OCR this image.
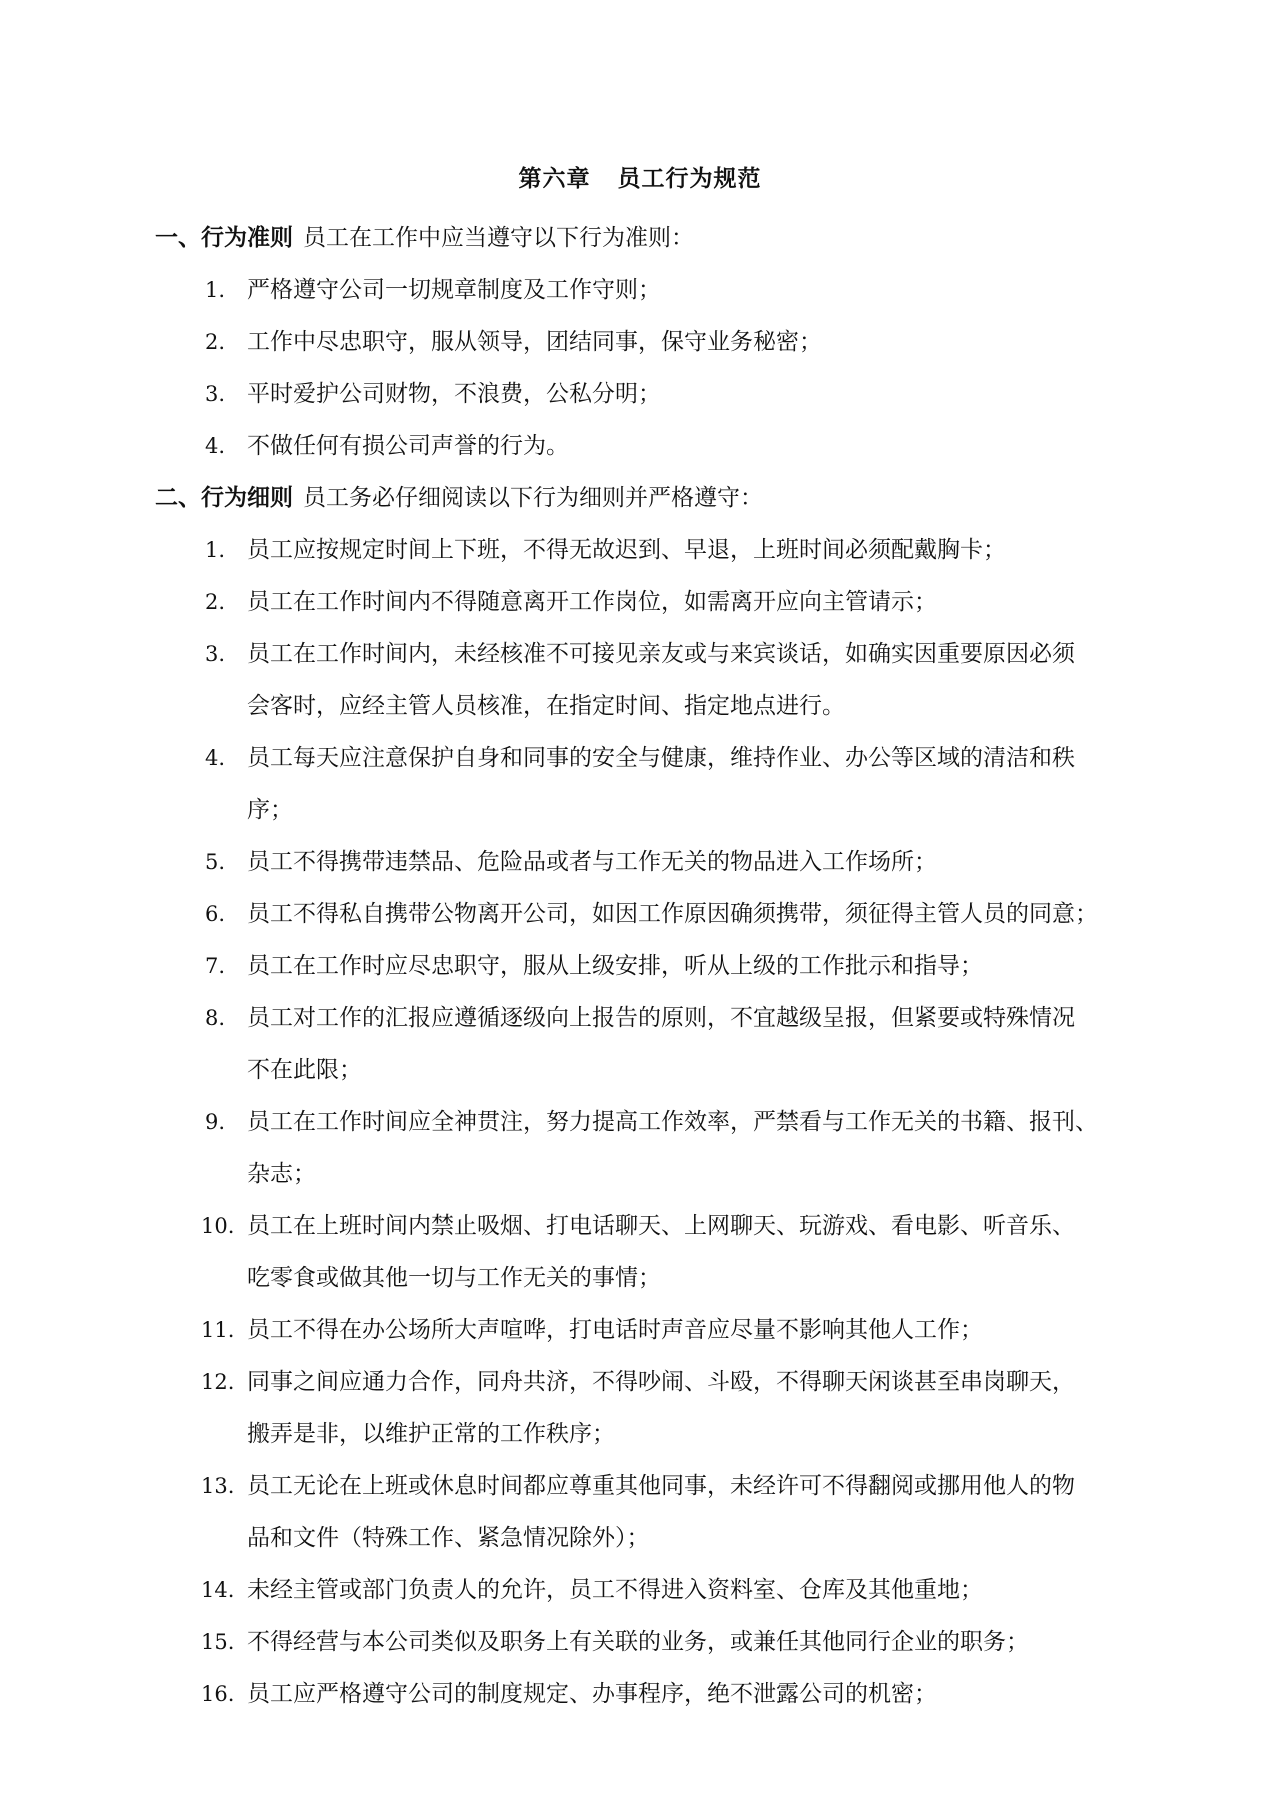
第六章 员工行为规范
一、行为准则 员工在工作中应当遵守以下行为准则：
1. 严格遵守公司一切规章制度及工作守则；
2. 工作中尽忠职守，服从领导，团结同事，保守业务秘密；
3. 平时爱护公司财物，不浪费，公私分明；
4. 不做任何有损公司声誉的行为。
二、行为细则 员工务必仔细阅读以下行为细则并严格遵守：
1. 员工应按规定时间上下班，不得无故迟到、早退，上班时间必须配戴胸卡；
2. 员工在工作时间内不得随意离开工作岗位，如需离开应向主管请示；
3. 员工在工作时间内，未经核准不可接见亲友或与来宾谈话，如确实因重要原因必须
会客时，应经主管人员核准，在指定时间、指定地点进行。
4. 员工每天应注意保护自身和同事的安全与健康，维持作业、办公等区域的清洁和秩
序；
5. 员工不得携带违禁品、危险品或者与工作无关的物品进入工作场所；
6. 员工不得私自携带公物离开公司，如因工作原因确须携带，须征得主管人员的同意；
7. 员工在工作时应尽忠职守，服从上级安排，听从上级的工作批示和指导；
8. 员工对工作的汇报应遵循逐级向上报告的原则，不宜越级呈报，但紧要或特殊情况
不在此限；
9. 员工在工作时间应全神贯注，努力提高工作效率，严禁看与工作无关的书籍、报刊、
杂志；
10. 员工在上班时间内禁止吸烟、打电话聊天、上网聊天、玩游戏、看电影、听音乐、
吃零食或做其他一切与工作无关的事情；
11. 员工不得在办公场所大声喧哗，打电话时声音应尽量不影响其他人工作；
12. 同事之间应通力合作，同舟共济，不得吵闹、斗殴，不得聊天闲谈甚至串岗聊天，
搬弄是非，以维护正常的工作秩序；
13. 员工无论在上班或休息时间都应尊重其他同事，未经许可不得翻阅或挪用他人的物
品和文件（特殊工作、紧急情况除外）；
14. 未经主管或部门负责人的允许，员工不得进入资料室、仓库及其他重地；
15. 不得经营与本公司类似及职务上有关联的业务，或兼任其他同行企业的职务；
16. 员工应严格遵守公司的制度规定、办事程序，绝不泄露公司的机密；
